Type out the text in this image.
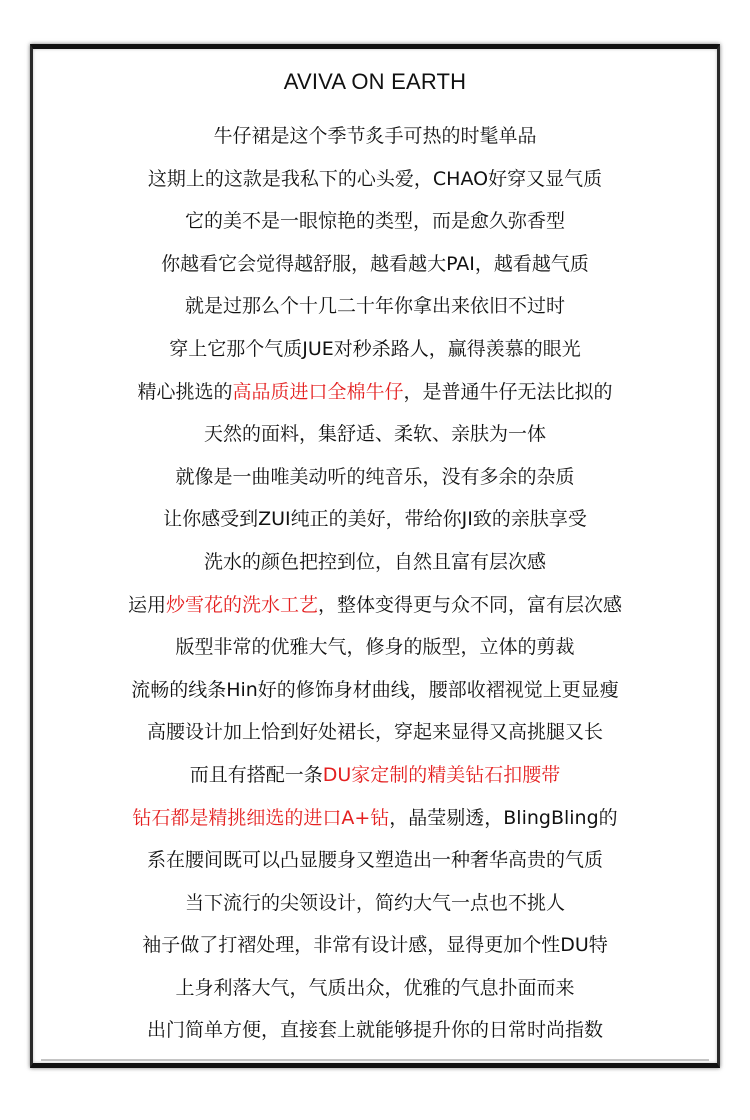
AVIVA ON EARTH
牛仔裙是这个季节炙手可热的时髦单品
这期上的这款是我私下的心头爱，CHAO好穿又显气质
它的美不是一眼惊艳的类型，而是愈久弥香型
你越看它会觉得越舒服，越看越大PAI，越看越气质
就是过那么个十几二十年你拿出来依旧不过时
穿上它那个气质JUE对秒杀路人，赢得羡慕的眼光
精心挑选的高品质进口全棉牛仔，是普通牛仔无法比拟的
天然的面料，集舒适、柔软、亲肤为一体
就像是一曲唯美动听的纯音乐，没有多余的杂质
让你感受到ZUI纯正的美好，带给你JI致的亲肤享受
洗水的颜色把控到位，自然且富有层次感
运用炒雪花的洗水工艺，整体变得更与众不同，富有层次感
版型非常的优雅大气，修身的版型，立体的剪裁
流畅的线条Hin好的修饰身材曲线，腰部收褶视觉上更显瘦
高腰设计加上恰到好处裙长，穿起来显得又高挑腿又长
而且有搭配一条DU家定制的精美钻石扣腰带
钻石都是精挑细选的进口A+钻，晶莹剔透，BlingBling的
系在腰间既可以凸显腰身又塑造出一种奢华高贵的气质
当下流行的尖领设计，简约大气一点也不挑人
袖子做了打褶处理，非常有设计感，显得更加个性DU特
上身利落大气，气质出众，优雅的气息扑面而来
出门简单方便，直接套上就能够提升你的日常时尚指数
